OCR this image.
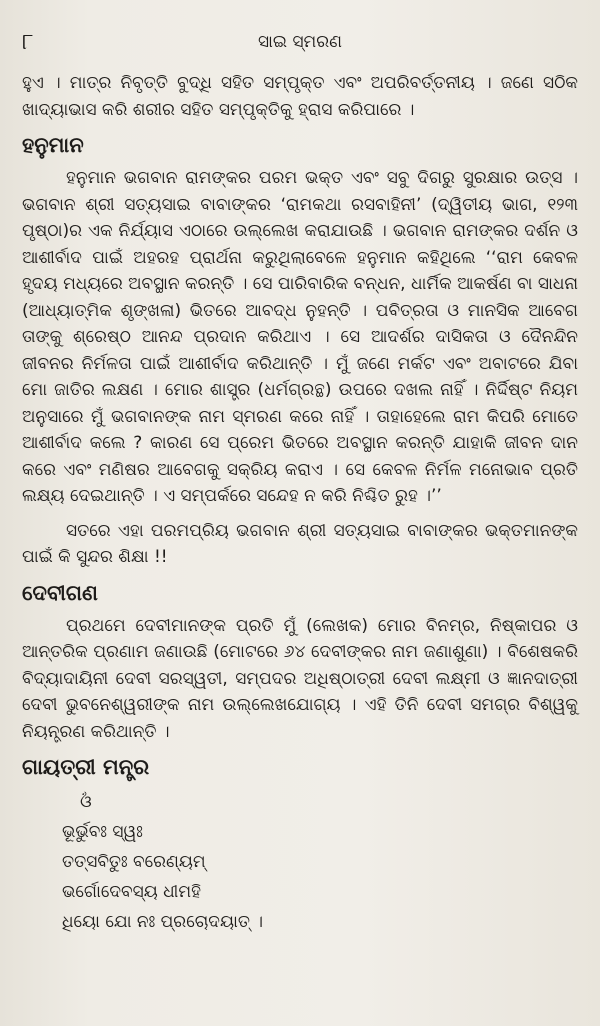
୮	ସାଇ ସ୍ମରଣ

ହୁଏ । ମାତ୍ର ନିବୃତ୍ତି ବୁଦ୍ଧି ସହିତ ସମ୍ପୃକ୍ତ ଏବଂ ଅପରିବର୍ତ୍ତନୀୟ । ଜଣେ ସଠିକ ଖାଦ୍ୟାଭାସ କରି ଶରୀର ସହିତ ସମ୍ପୃକ୍ତିକୁ ହ୍ରାସ କରିପାରେ ।

ହନୁମାନ

ହନୁମାନ ଭଗବାନ ରାମଙ୍କର ପରମ ଭକ୍ତ ଏବଂ ସବୁ ଦିଗରୁ ସୁରକ୍ଷାର ଉତ୍ସ । ଭଗବାନ ଶ୍ରୀ ସତ୍ୟସାଇ ବାବାଙ୍କର ‘ରାମକଥା ରସବାହିନୀ’ (ଦ୍ୱିତୀୟ ଭାଗ, ୧୨୩ ପୃଷ୍ଠା)ର ଏକ ନିର୍ଯ୍ୟାସ ଏଠାରେ ଉଲ୍ଲେଖ କରାଯାଉଛି । ଭଗବାନ ରାମଙ୍କର ଦର୍ଶନ ଓ ଆଶୀର୍ବାଦ ପାଇଁ ଅହରହ ପ୍ରାର୍ଥନା କରୁଥିଲାବେଳେ ହନୁମାନ କହିଥିଲେ ‘‘ରାମ କେବଳ ହୃଦୟ ମଧ୍ୟରେ ଅବସ୍ଥାନ କରନ୍ତି । ସେ ପାରିବାରିକ ବନ୍ଧନ, ଧାର୍ମିକ ଆକର୍ଷଣ ବା ସାଧନା (ଆଧ୍ୟାତ୍ମିକ ଶୃଙ୍ଖଳା) ଭିତରେ ଆବଦ୍ଧ ନୁହନ୍ତି । ପବିତ୍ରତା ଓ ମାନସିକ ଆବେଗ ତାଙ୍କୁ ଶ୍ରେଷ୍ଠ ଆନନ୍ଦ ପ୍ରଦାନ କରିଥାଏ । ସେ ଆଦର୍ଶର ଦାସିକତା ଓ ଦୈନନ୍ଦିନ ଜୀବନର ନିର୍ମଳତା ପାଇଁ ଆଶୀର୍ବାଦ କରିଥାନ୍ତି । ମୁଁ ଜଣେ ମର୍କଟ ଏବଂ ଅବାଟରେ ଯିବା ମୋ ଜାତିର ଲକ୍ଷଣ । ମୋର ଶାସ୍ତ୍ର (ଧର୍ମଗ୍ରନ୍ଥ) ଉପରେ ଦଖଲ ନାହିଁ । ନିର୍ଦ୍ଦିଷ୍ଟ ନିୟମ ଅନୁସାରେ ମୁଁ ଭଗବାନଙ୍କ ନାମ ସ୍ମରଣ କରେ ନାହିଁ । ତାହାହେଲେ ରାମ କିପରି ମୋତେ ଆଶୀର୍ବାଦ କଲେ ? କାରଣ ସେ ପ୍ରେମ ଭିତରେ ଅବସ୍ଥାନ କରନ୍ତି ଯାହାକି ଜୀବନ ଦାନ କରେ ଏବଂ ମଣିଷର ଆବେଗକୁ ସକ୍ରିୟ କରାଏ । ସେ କେବଳ ନିର୍ମଳ ମନୋଭାବ ପ୍ରତି ଲକ୍ଷ୍ୟ ଦେଇଥାନ୍ତି । ଏ ସମ୍ପର୍କରେ ସନ୍ଦେହ ନ କରି ନିଶ୍ଚିତ ରୁହ ।’’

ସତରେ ଏହା ପରମପ୍ରିୟ ଭଗବାନ ଶ୍ରୀ ସତ୍ୟସାଇ ବାବାଙ୍କର ଭକ୍ତମାନଙ୍କ ପାଇଁ କି ସୁନ୍ଦର ଶିକ୍ଷା !!

ଦେବୀଗଣ

ପ୍ରଥମେ ଦେବୀମାନଙ୍କ ପ୍ରତି ମୁଁ (ଲେଖକ) ମୋର ବିନମ୍ର, ନିଷ୍କାପର ଓ ଆନ୍ତରିକ ପ୍ରଣାମ ଜଣାଉଛି (ମୋଟରେ ୬୪ ଦେବୀଙ୍କର ନାମ ଜଣାଶୁଣା) । ବିଶେଷକରି ବିଦ୍ୟାଦାୟିନୀ ଦେବୀ ସରସ୍ୱତୀ, ସମ୍ପଦର ଅଧିଷ୍ଠାତ୍ରୀ ଦେବୀ ଲକ୍ଷ୍ମୀ ଓ ଜ୍ଞାନଦାତ୍ରୀ ଦେବୀ ଭୁବନେଶ୍ୱରୀଙ୍କ ନାମ ଉଲ୍ଲେଖଯୋଗ୍ୟ । ଏହି ତିନି ଦେବୀ ସମଗ୍ର ବିଶ୍ୱକୁ ନିୟନ୍ତ୍ରଣ କରିଥାନ୍ତି ।

ଗାୟତ୍ରୀ ମନ୍ତ୍ର
ଓଁ
ଭୂର୍ଭୁବଃ ସ୍ୱଃ
ତତ୍ସବିତୁଃ ବରେଣ୍ୟମ୍
ଭର୍ଗୋଦେବସ୍ୟ ଧୀମହି
ଧିୟୋ ଯୋ ନଃ ପ୍ରଚୋଦୟାତ୍ ।
